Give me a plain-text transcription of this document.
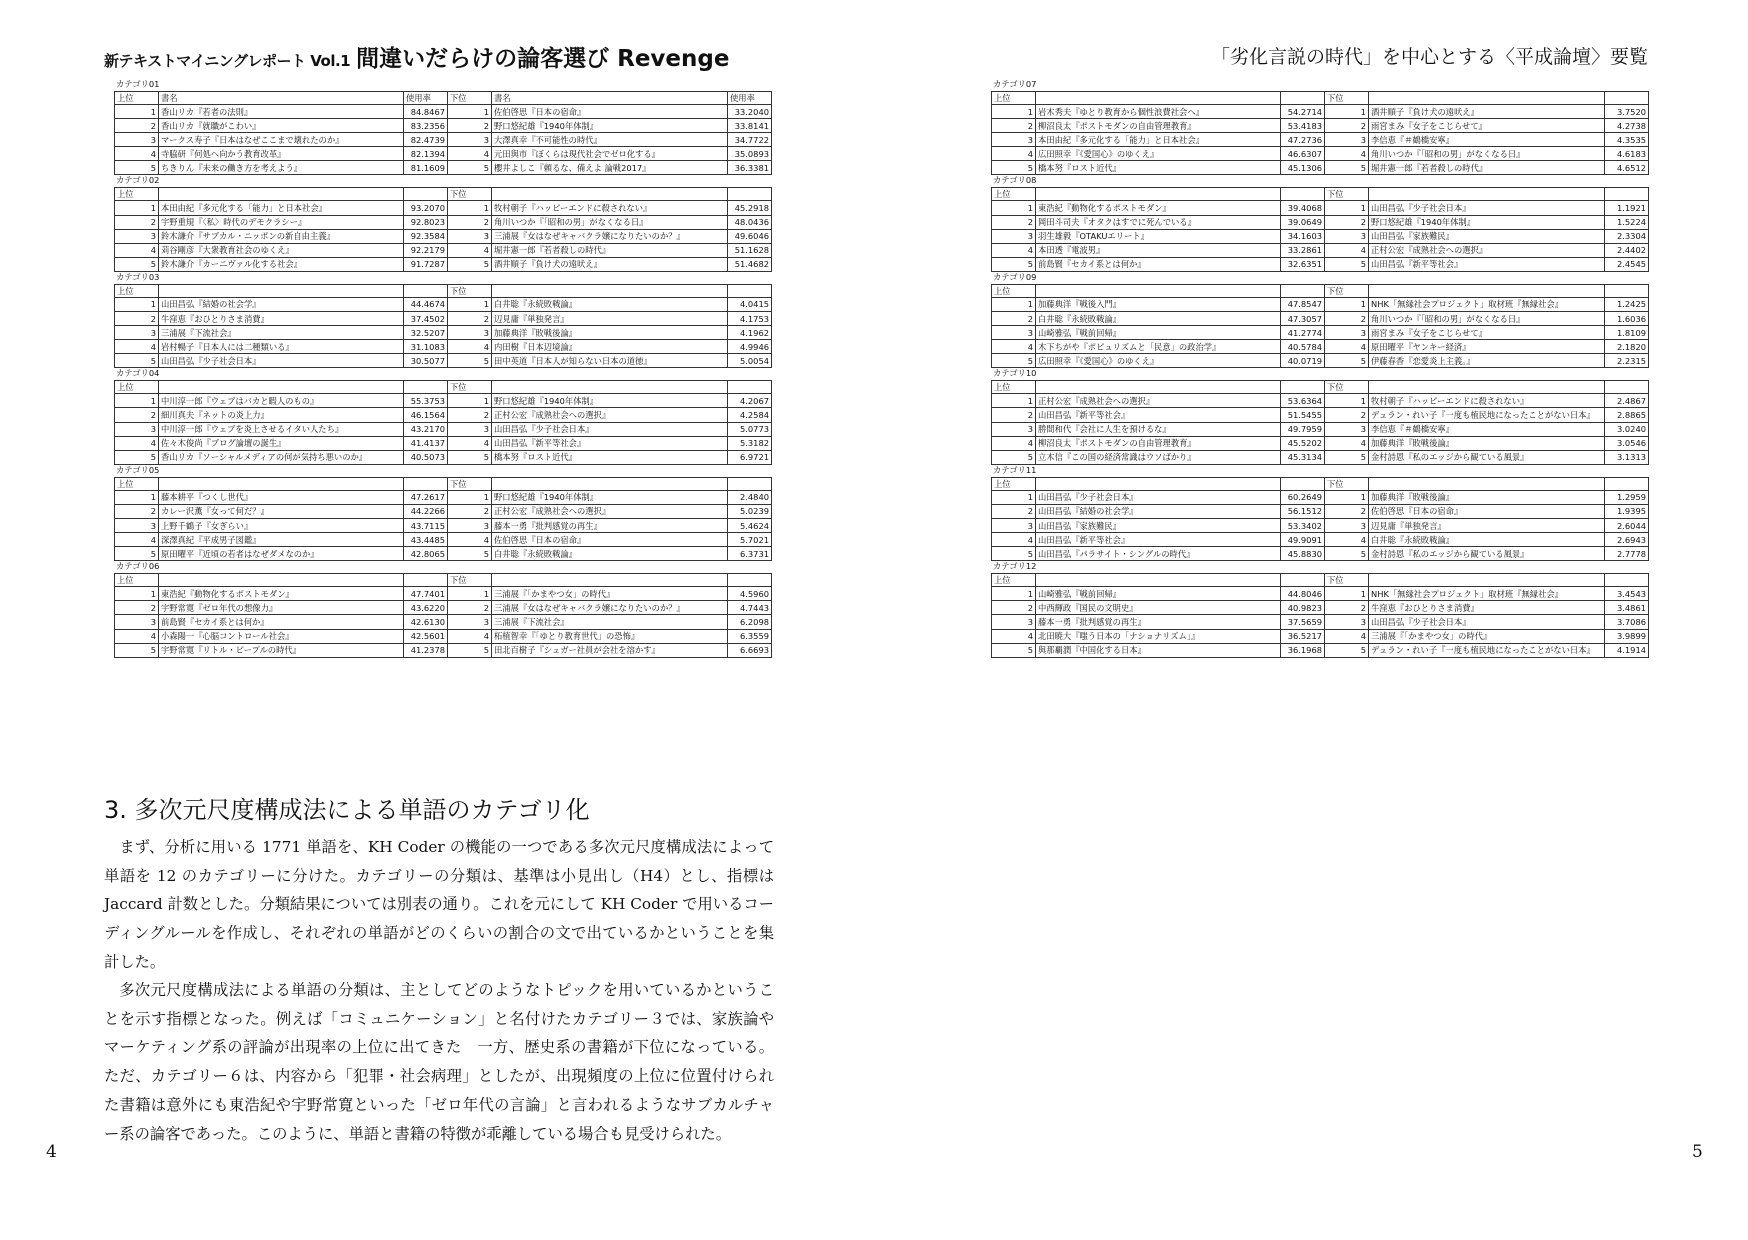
新テキストマイニングレポート Vol.1 間違いだらけの論客選び Revenge	「劣化言説の時代」を中心とする〈平成論壇〉要覧
カテゴリ01
上位	書名	使用率	下位	書名	使用率
1	香山リカ『若者の法則』	84.8467	1	佐伯啓思『日本の宿命』	33.2040
2	香山リカ『就職がこわい』	83.2356	2	野口悠紀雄『1940年体制』	33.8141
3	マークス寿子『日本はなぜここまで壊れたのか』	82.4739	3	大澤真幸『不可能性の時代』	34.7722
4	寺脇研『何処へ向かう教育改革』	82.1394	4	元田與市『ぼくらは現代社会でゼロ化する』	35.0893
5	ちきりん『未来の働き方を考えよう』	81.1609	5	櫻井よしこ『頼るな、備えよ 論戦2017』	36.3381
カテゴリ02
上位			下位		
1	本田由紀『多元化する「能力」と日本社会』	93.2070	1	牧村朝子『ハッピーエンドに殺されない』	45.2918
2	宇野重規『〈私〉時代のデモクラシー』	92.8023	2	角川いつか『「昭和の男」がなくなる日』	48.0436
3	鈴木謙介『サブカル・ニッポンの新自由主義』	92.3584	3	三浦展『女はなぜキャバクラ嬢になりたいのか？』	49.6046
4	苅谷剛彦『大衆教育社会のゆくえ』	92.2179	4	堀井憲一郎『若者殺しの時代』	51.1628
5	鈴木謙介『カーニヴァル化する社会』	91.7287	5	酒井順子『負け犬の遠吠え』	51.4682
カテゴリ03
上位			下位		
1	山田昌弘『結婚の社会学』	44.4674	1	白井聡『永続敗戦論』	4.0415
2	牛窪恵『おひとりさま消費』	37.4502	2	辺見庸『単独発言』	4.1753
3	三浦展『下流社会』	32.5207	3	加藤典洋『敗戦後論』	4.1962
4	岩村暢子『日本人には二種類いる』	31.1083	4	内田樹『日本辺境論』	4.9946
5	山田昌弘『少子社会日本』	30.5077	5	田中英道『日本人が知らない日本の道徳』	5.0054
カテゴリ04
上位			下位		
1	中川淳一郎『ウェブはバカと暇人のもの』	55.3753	1	野口悠紀雄『1940年体制』	4.2067
2	細川真夫『ネットの炎上力』	46.1564	2	正村公宏『成熟社会への選択』	4.2584
3	中川淳一郎『ウェブを炎上させるイタい人たち』	43.2170	3	山田昌弘『少子社会日本』	5.0773
4	佐々木俊尚『ブログ論壇の誕生』	41.4137	4	山田昌弘『新平等社会』	5.3182
5	香山リカ『ソーシャルメディアの何が気持ち悪いのか』	40.5073	5	橋本努『ロスト近代』	6.9721
カテゴリ05
上位			下位		
1	藤本耕平『つくし世代』	47.2617	1	野口悠紀雄『1940年体制』	2.4840
2	カレー沢薫『女って何だ？』	44.2266	2	正村公宏『成熟社会への選択』	5.0239
3	上野千鶴子『女ぎらい』	43.7115	3	藤本一勇『批判感覚の再生』	5.4624
4	深澤真紀『平成男子図鑑』	43.4485	4	佐伯啓思『日本の宿命』	5.7021
5	原田曜平『近頃の若者はなぜダメなのか』	42.8065	5	白井聡『永続敗戦論』	6.3731
カテゴリ06
上位			下位		
1	東浩紀『動物化するポストモダン』	47.7401	1	三浦展『「かまやつ女」の時代』	4.5960
2	宇野常寛『ゼロ年代の想像力』	43.6220	2	三浦展『女はなぜキャバクラ嬢になりたいのか？』	4.7443
3	前島賢『セカイ系とは何か』	42.6130	3	三浦展『下流社会』	6.2098
4	小森陽一『心脳コントロール社会』	42.5601	4	柘植智幸『「ゆとり教育世代」の恐怖』	6.3559
5	宇野常寛『リトル・ピープルの時代』	41.2378	5	田北百樹子『シュガー社員が会社を溶かす』	6.6693
カテゴリ07
上位			下位		
1	岩木秀夫『ゆとり教育から個性浪費社会へ』	54.2714	1	酒井順子『負け犬の遠吠え』	3.7520
2	柳沼良太『ポストモダンの自由管理教育』	53.4183	2	雨宮まみ『女子をこじらせて』	4.2738
3	本田由紀『多元化する「能力」と日本社会』	47.2736	3	李信恵『＃鶴橋安寧』	4.3535
4	広田照幸『《愛国心》のゆくえ』	46.6307	4	角川いつか『「昭和の男」がなくなる日』	4.6183
5	橋本努『ロスト近代』	45.1306	5	堀井憲一郎『若者殺しの時代』	4.6512
カテゴリ08
上位			下位		
1	東浩紀『動物化するポストモダン』	39.4068	1	山田昌弘『少子社会日本』	1.1921
2	岡田斗司夫『オタクはすでに死んでいる』	39.0649	2	野口悠紀雄『1940年体制』	1.5224
3	羽生雄毅『OTAKUエリート』	34.1603	3	山田昌弘『家族難民』	2.3304
4	本田透『電波男』	33.2861	4	正村公宏『成熟社会への選択』	2.4402
5	前島賢『セカイ系とは何か』	32.6351	5	山田昌弘『新平等社会』	2.4545
カテゴリ09
上位			下位		
1	加藤典洋『戦後入門』	47.8547	1	NHK「無縁社会プロジェクト」取材班『無縁社会』	1.2425
2	白井聡『永続敗戦論』	47.3057	2	角川いつか『「昭和の男」がなくなる日』	1.6036
3	山崎雅弘『戦前回帰』	41.2774	3	雨宮まみ『女子をこじらせて』	1.8109
4	木下ちがや『ポピュリズムと「民意」の政治学』	40.5784	4	原田曜平『ヤンキー経済』	2.1820
5	広田照幸『《愛国心》のゆくえ』	40.0719	5	伊藤春香『恋愛炎上主義。』	2.2315
カテゴリ10
上位			下位		
1	正村公宏『成熟社会への選択』	53.6364	1	牧村朝子『ハッピーエンドに殺されない』	2.4867
2	山田昌弘『新平等社会』	51.5455	2	デュラン・れい子『一度も植民地になったことがない日本』	2.8865
3	勝間和代『会社に人生を預けるな』	49.7959	3	李信恵『＃鶴橋安寧』	3.0240
4	柳沼良太『ポストモダンの自由管理教育』	45.5202	4	加藤典洋『敗戦後論』	3.0546
5	立木信『この国の経済常識はウソばかり』	45.3134	5	金村詩恩『私のエッジから観ている風景』	3.1313
カテゴリ11
上位			下位		
1	山田昌弘『少子社会日本』	60.2649	1	加藤典洋『敗戦後論』	1.2959
2	山田昌弘『結婚の社会学』	56.1512	2	佐伯啓思『日本の宿命』	1.9395
3	山田昌弘『家族難民』	53.3402	3	辺見庸『単独発言』	2.6044
4	山田昌弘『新平等社会』	49.9091	4	白井聡『永続敗戦論』	2.6943
5	山田昌弘『パラサイト・シングルの時代』	45.8830	5	金村詩恩『私のエッジから観ている風景』	2.7778
カテゴリ12
上位			下位		
1	山崎雅弘『戦前回帰』	44.8046	1	NHK「無縁社会プロジェクト」取材班『無縁社会』	3.4543
2	中西輝政『国民の文明史』	40.9823	2	牛窪恵『おひとりさま消費』	3.4861
3	藤本一勇『批判感覚の再生』	37.5659	3	山田昌弘『少子社会日本』	3.7086
4	北田暁大『嗤う日本の「ナショナリズム」』	36.5217	4	三浦展『「かまやつ女」の時代』	3.9899
5	與那覇潤『中国化する日本』	36.1968	5	デュラン・れい子『一度も植民地になったことがない日本』	4.1914
3. 多次元尺度構成法による単語のカテゴリ化

まず、分析に用いる 1771 単語を、KH Coder の機能の一つである多次元尺度構成法によって単語を 12 のカテゴリーに分けた。カテゴリーの分類は、基準は小見出し（H4）とし、指標は Jaccard 計数とした。分類結果については別表の通り。これを元にして KH Coder で用いるコーディングルールを作成し、それぞれの単語がどのくらいの割合の文で出ているかということを集計した。

多次元尺度構成法による単語の分類は、主としてどのようなトピックを用いているかということを示す指標となった。例えば「コミュニケーション」と名付けたカテゴリー３では、家族論やマーケティング系の評論が出現率の上位に出てきた　一方、歴史系の書籍が下位になっている。ただ、カテゴリー６は、内容から「犯罪・社会病理」としたが、出現頻度の上位に位置付けられた書籍は意外にも東浩紀や宇野常寛といった「ゼロ年代の言論」と言われるようなサブカルチャー系の論客であった。このように、単語と書籍の特徴が乖離している場合も見受けられた。

4	5
